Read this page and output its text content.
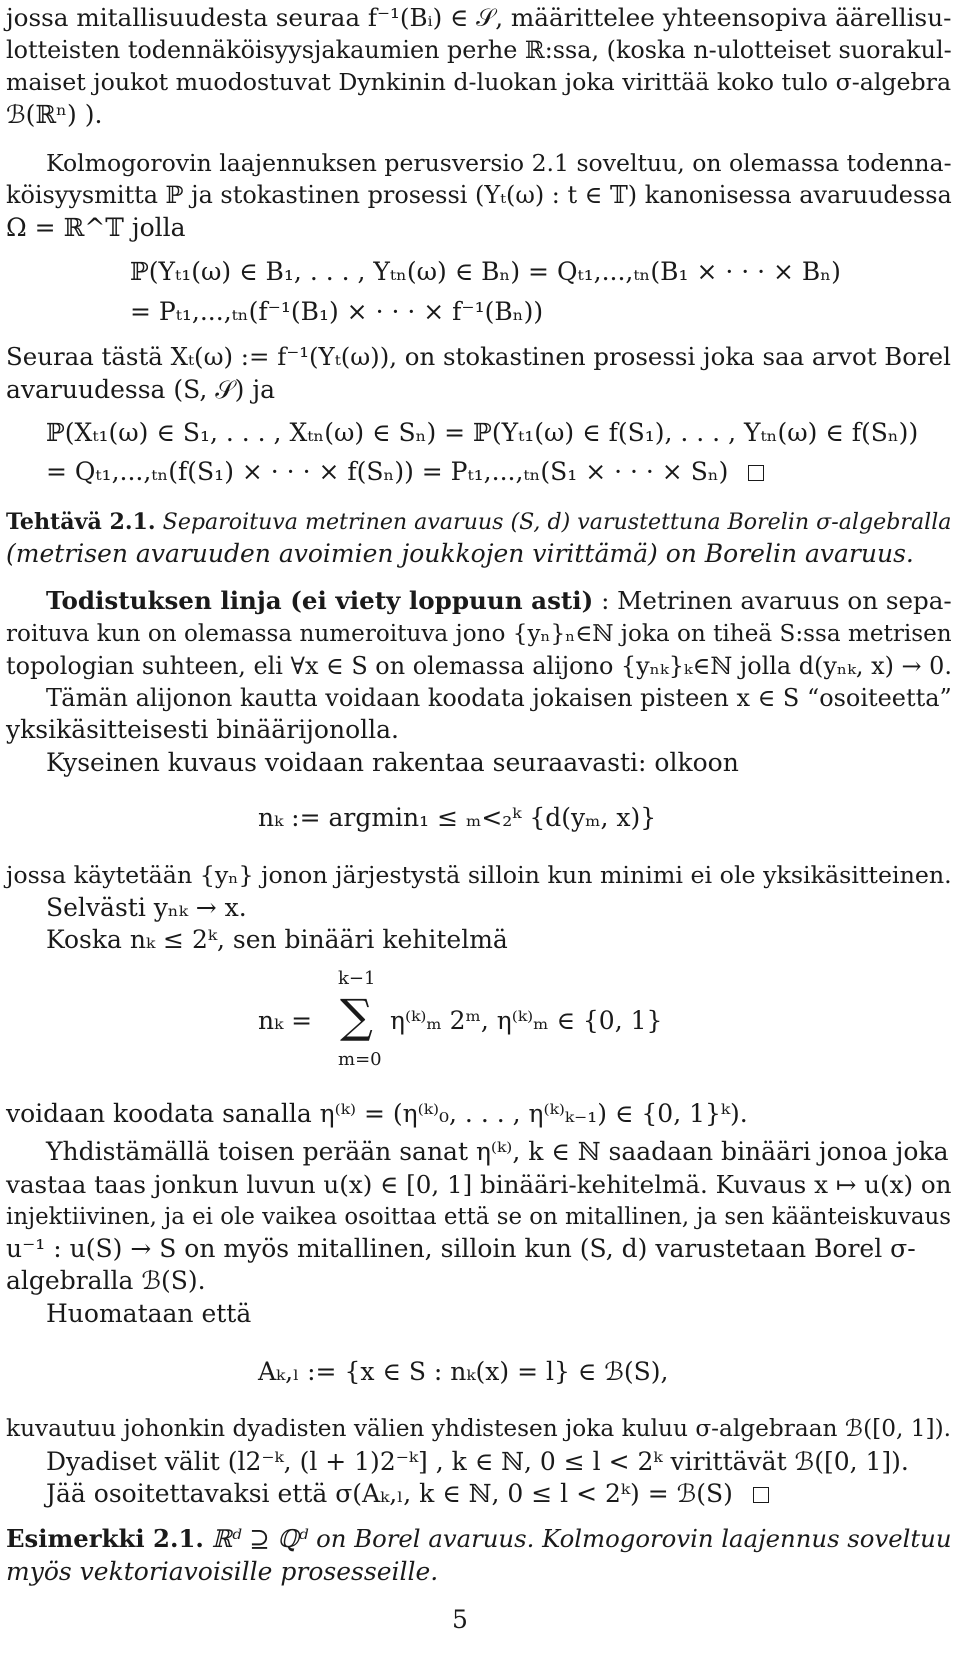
jossa mitallisuudesta seuraa f⁻¹(Bᵢ) ∈ 𝒮, määrittelee yhteensopiva äärellisu-
lotteisten todennäköisyysjakaumien perhe ℝ:ssa, (koska n-ulotteiset suorakul-
maiset joukot muodostuvat Dynkinin d-luokan joka virittää koko tulo σ-algebra
ℬ(ℝⁿ) ).
Kolmogorovin laajennuksen perusversio 2.1 soveltuu, on olemassa todenna-
köisyysmitta ℙ ja stokastinen prosessi (Yₜ(ω) : t ∈ 𝕋) kanonisessa avaruudessa
Ω = ℝ^𝕋 jolla
ℙ(Yₜ₁(ω) ∈ B₁, . . . , Yₜₙ(ω) ∈ Bₙ) = Qₜ₁,...,ₜₙ(B₁ × · · · × Bₙ)
= Pₜ₁,...,ₜₙ(f⁻¹(B₁) × · · · × f⁻¹(Bₙ))
Seuraa tästä Xₜ(ω) := f⁻¹(Yₜ(ω)), on stokastinen prosessi joka saa arvot Borel
avaruudessa (S, 𝒮) ja
ℙ(Xₜ₁(ω) ∈ S₁, . . . , Xₜₙ(ω) ∈ Sₙ) = ℙ(Yₜ₁(ω) ∈ f(S₁), . . . , Yₜₙ(ω) ∈ f(Sₙ))
= Qₜ₁,...,ₜₙ(f(S₁) × · · · × f(Sₙ)) = Pₜ₁,...,ₜₙ(S₁ × · · · × Sₙ)
Tehtävä 2.1. Separoituva metrinen avaruus (S, d) varustettuna Borelin σ-algebralla
(metrisen avaruuden avoimien joukkojen virittämä) on Borelin avaruus.
Todistuksen linja (ei viety loppuun asti) : Metrinen avaruus on sepa-
roituva kun on olemassa numeroituva jono {yₙ}ₙ∈ℕ joka on tiheä S:ssa metrisen
topologian suhteen, eli ∀x ∈ S on olemassa alijono {yₙₖ}ₖ∈ℕ jolla d(yₙₖ, x) → 0.
Tämän alijonon kautta voidaan koodata jokaisen pisteen x ∈ S “osoiteetta”
yksikäsitteisesti binäärijonolla.
Kyseinen kuvaus voidaan rakentaa seuraavasti: olkoon
nₖ := argmin₁ ≤ ₘ<₂ᵏ {d(yₘ, x)}
jossa käytetään {yₙ} jonon järjestystä silloin kun minimi ei ole yksikäsitteinen.
Selvästi yₙₖ → x.
Koska nₖ ≤ 2ᵏ, sen binääri kehitelmä
k−1
nₖ = ∑ η⁽ᵏ⁾ₘ 2ᵐ, η⁽ᵏ⁾ₘ ∈ {0, 1}
m=0
voidaan koodata sanalla η⁽ᵏ⁾ = (η⁽ᵏ⁾₀, . . . , η⁽ᵏ⁾ₖ₋₁) ∈ {0, 1}ᵏ).
Yhdistämällä toisen perään sanat η⁽ᵏ⁾, k ∈ ℕ saadaan binääri jonoa joka
vastaa taas jonkun luvun u(x) ∈ [0, 1] binääri-kehitelmä. Kuvaus x ↦ u(x) on
injektiivinen, ja ei ole vaikea osoittaa että se on mitallinen, ja sen käänteiskuvaus
u⁻¹ : u(S) → S on myös mitallinen, silloin kun (S, d) varustetaan Borel σ-
algebralla ℬ(S).
Huomataan että
Aₖ,ₗ := {x ∈ S : nₖ(x) = l} ∈ ℬ(S),
kuvautuu johonkin dyadisten välien yhdistesen joka kuluu σ-algebraan ℬ([0, 1]).
Dyadiset välit (l2⁻ᵏ, (l + 1)2⁻ᵏ] , k ∈ ℕ, 0 ≤ l < 2ᵏ virittävät ℬ([0, 1]).
Jää osoitettavaksi että σ(Aₖ,ₗ, k ∈ ℕ, 0 ≤ l < 2ᵏ) = ℬ(S)
Esimerkki 2.1. ℝᵈ ⊇ ℚᵈ on Borel avaruus. Kolmogorovin laajennus soveltuu
myös vektoriavoisille prosesseille.
5
